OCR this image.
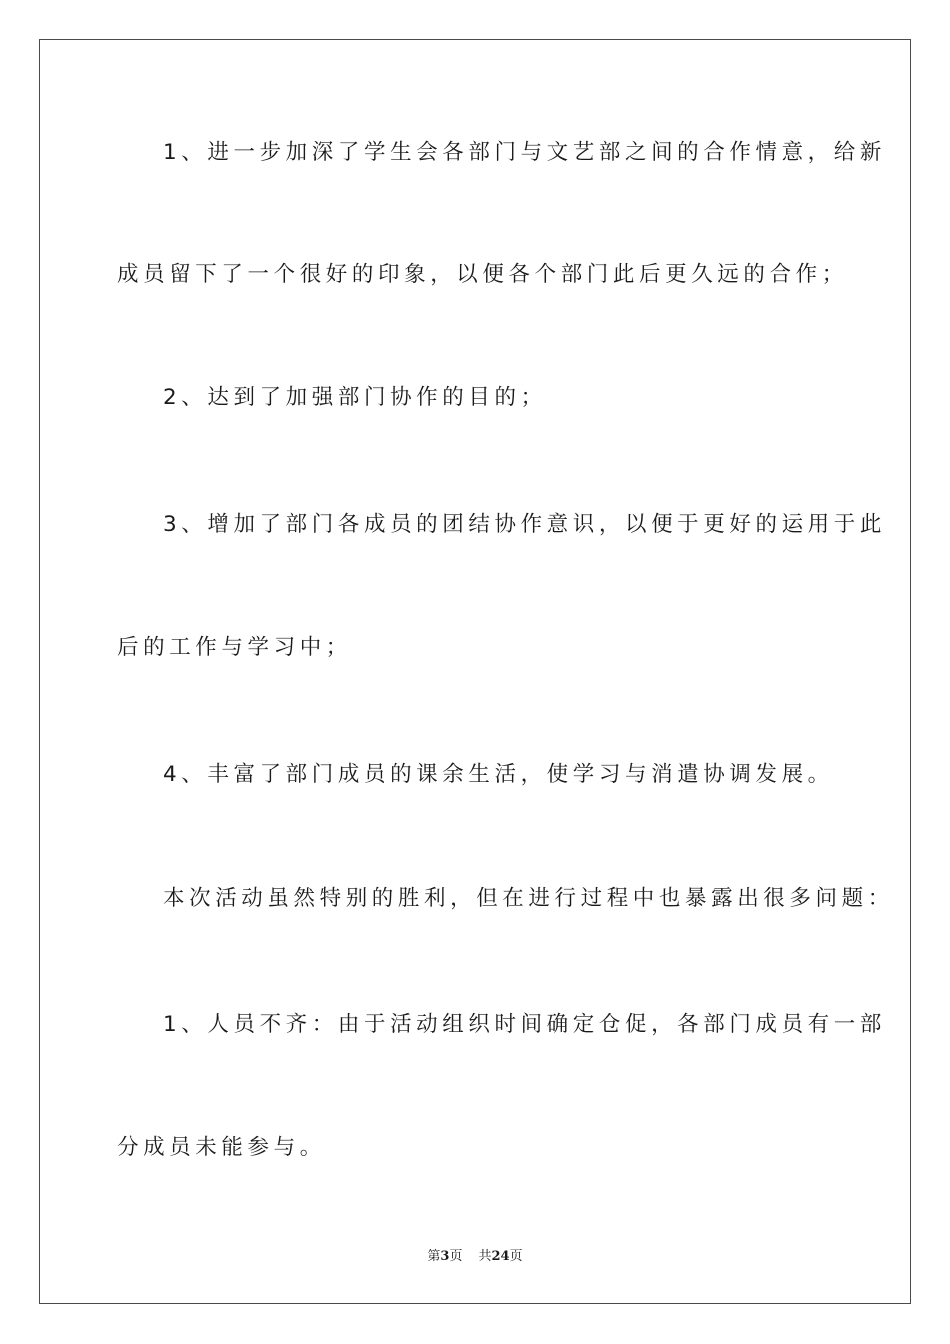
1、进一步加深了学生会各部门与文艺部之间的合作情意，给新
成员留下了一个很好的印象，以便各个部门此后更久远的合作；
2、达到了加强部门协作的目的；
3、增加了部门各成员的团结协作意识，以便于更好的运用于此
后的工作与学习中；
4、丰富了部门成员的课余生活，使学习与消遣协调发展。
本次活动虽然特别的胜利，但在进行过程中也暴露出很多问题：
1、人员不齐：由于活动组织时间确定仓促，各部门成员有一部
分成员未能参与。
第3页 共24页
